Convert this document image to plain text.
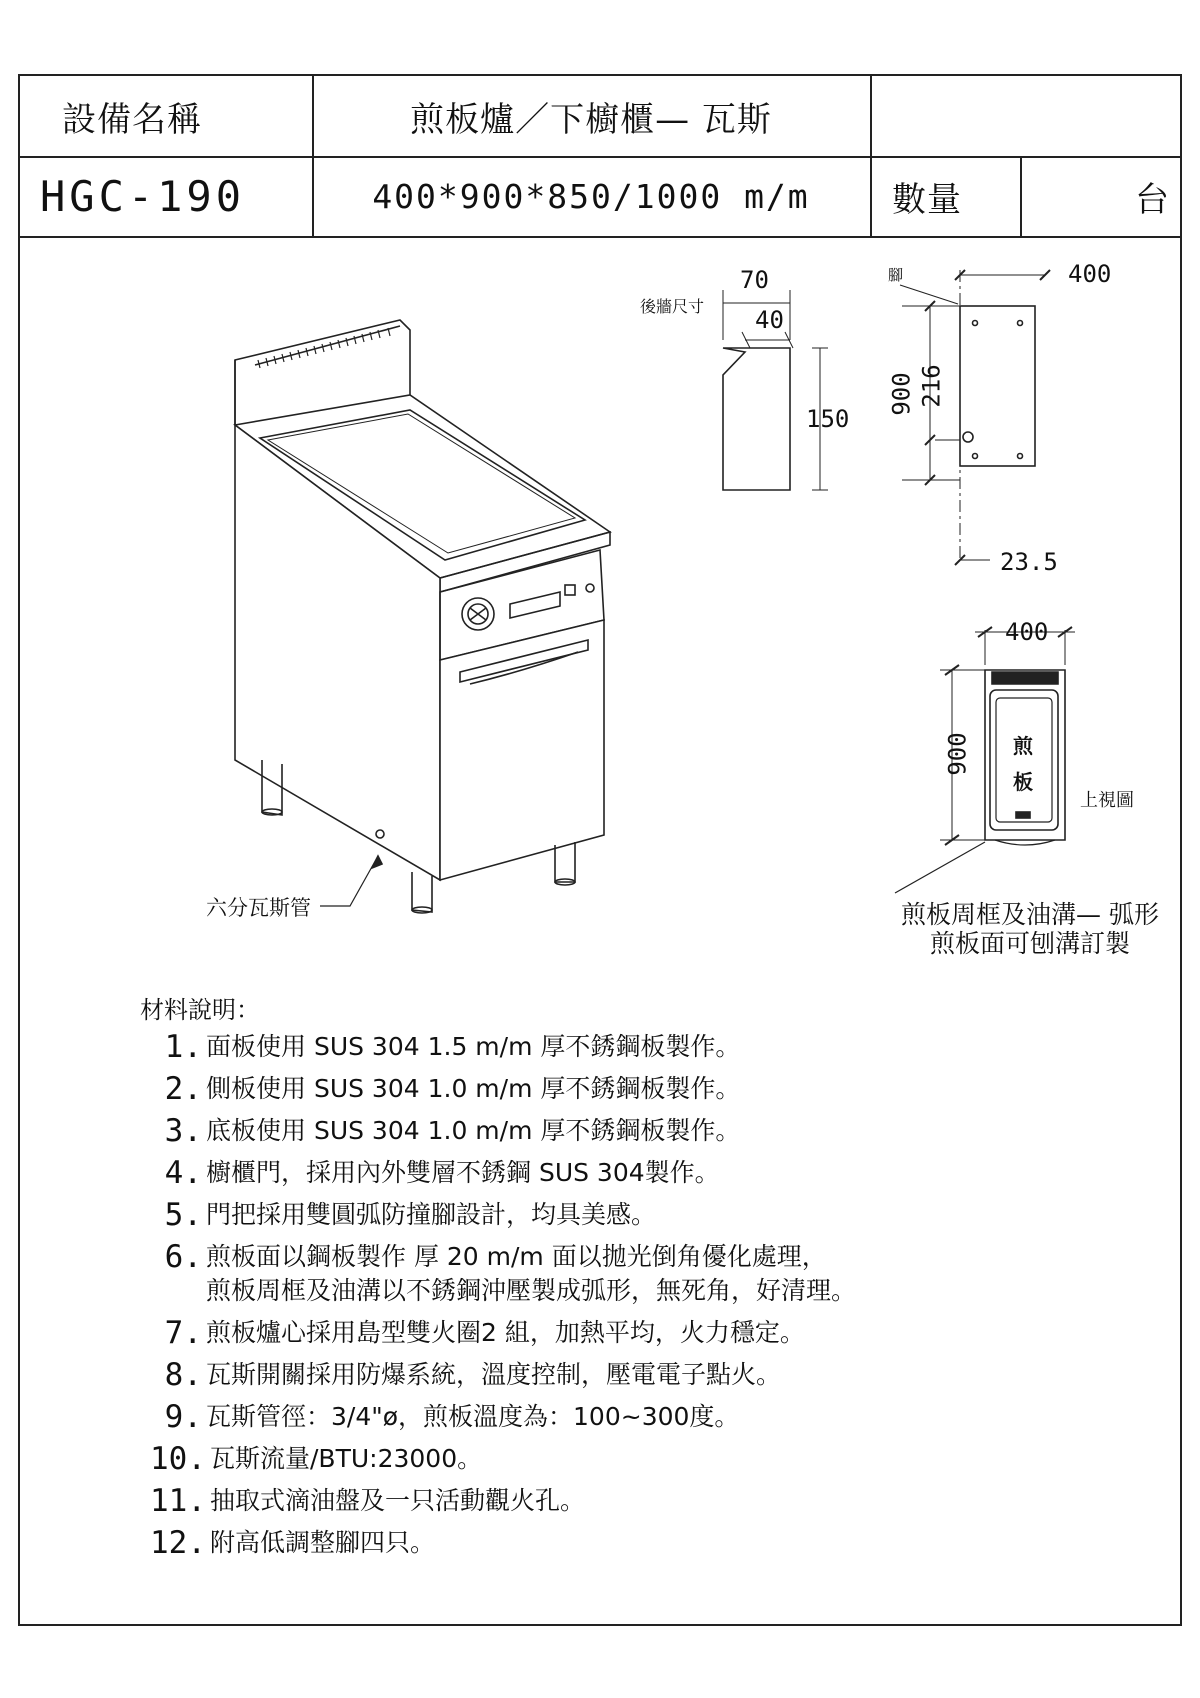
設備名稱	煎板爐／下櫥櫃— 瓦斯
HGC-190	400*900*850/1000 m/m	數量	台
六分瓦斯管
後牆尺寸
70
40
150
腳	400
900 216
23.5
400
900 煎
板
上視圖
煎板周框及油溝— 弧形
煎板面可刨溝訂製
材料說明：
1. 面板使用 SUS 304 1.5 m/m 厚不銹鋼板製作。
2. 側板使用 SUS 304 1.0 m/m 厚不銹鋼板製作。
3. 底板使用 SUS 304 1.0 m/m 厚不銹鋼板製作。
4. 櫥櫃門，採用內外雙層不銹鋼 SUS 304製作。
5. 門把採用雙圓弧防撞腳設計，均具美感。
6. 煎板面以鋼板製作 厚 20 m/m 面以拋光倒角優化處理，
煎板周框及油溝以不銹鋼沖壓製成弧形，無死角，好清理。
7. 煎板爐心採用島型雙火圈2 組，加熱平均，火力穩定。
8. 瓦斯開關採用防爆系統，溫度控制，壓電電子點火。
9. 瓦斯管徑：3/4"ø，煎板溫度為：100~300度。
10. 瓦斯流量/BTU:23000。
11. 抽取式滴油盤及一只活動觀火孔。
12. 附高低調整腳四只。
